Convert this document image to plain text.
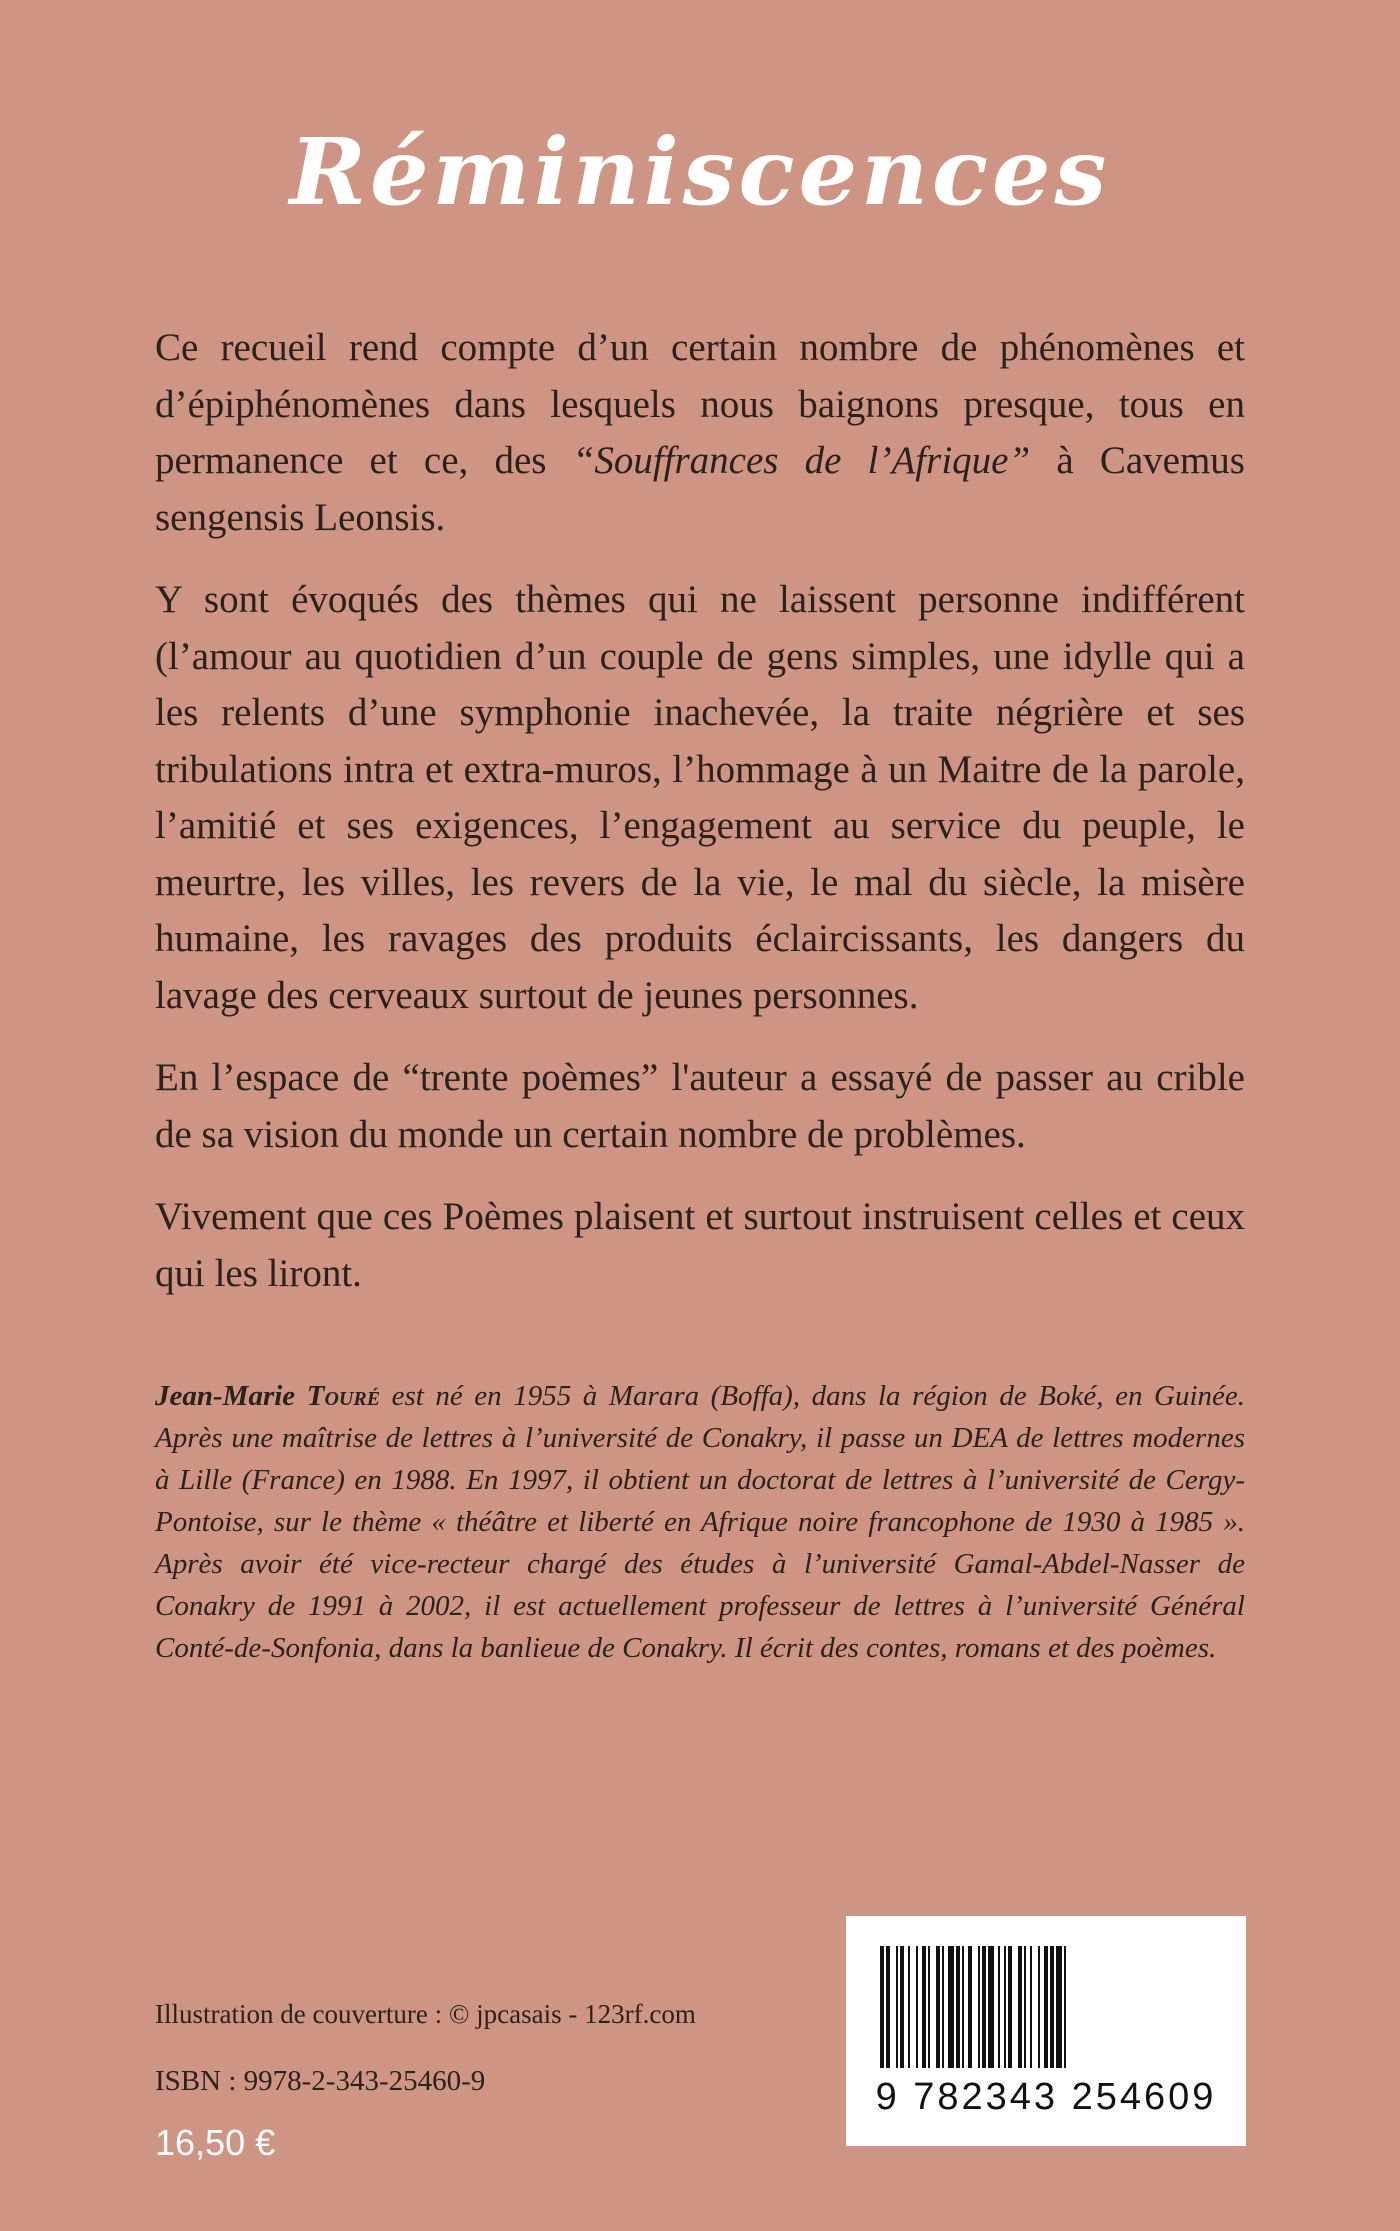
Réminiscences

Ce recueil rend compte d’un certain nombre de phénomènes et d’épiphénomènes dans lesquels nous baignons presque, tous en permanence et ce, des “Souffrances de l’Afrique” à Cavemus sengensis Leonsis.

Y sont évoqués des thèmes qui ne laissent personne indifférent (l’amour au quotidien d’un couple de gens simples, une idylle qui a les relents d’une symphonie inachevée, la traite négrière et ses tribulations intra et extra-muros, l’hommage à un Maitre de la parole, l’amitié et ses exigences, l’engagement au service du peuple, le meurtre, les villes, les revers de la vie, le mal du siècle, la misère humaine, les ravages des produits éclaircissants, les dangers du lavage des cerveaux surtout de jeunes personnes.

En l’espace de “trente poèmes” l'auteur a essayé de passer au crible de sa vision du monde un certain nombre de problèmes.

Vivement que ces Poèmes plaisent et surtout instruisent celles et ceux qui les liront.

Jean-Marie Touré est né en 1955 à Marara (Boffa), dans la région de Boké, en Guinée. Après une maîtrise de lettres à l’université de Conakry, il passe un DEA de lettres modernes à Lille (France) en 1988. En 1997, il obtient un doctorat de lettres à l’université de Cergy-Pontoise, sur le thème « théâtre et liberté en Afrique noire francophone de 1930 à 1985 ». Après avoir été vice-recteur chargé des études à l’université Gamal-Abdel-Nasser de Conakry de 1991 à 2002, il est actuellement professeur de lettres à l’université Général Conté-de-Sonfonia, dans la banlieue de Conakry. Il écrit des contes, romans et des poèmes.

Illustration de couverture : © jpcasais - 123rf.com
ISBN : 9978-2-343-25460-9
16,50 €
9 782343 254609
